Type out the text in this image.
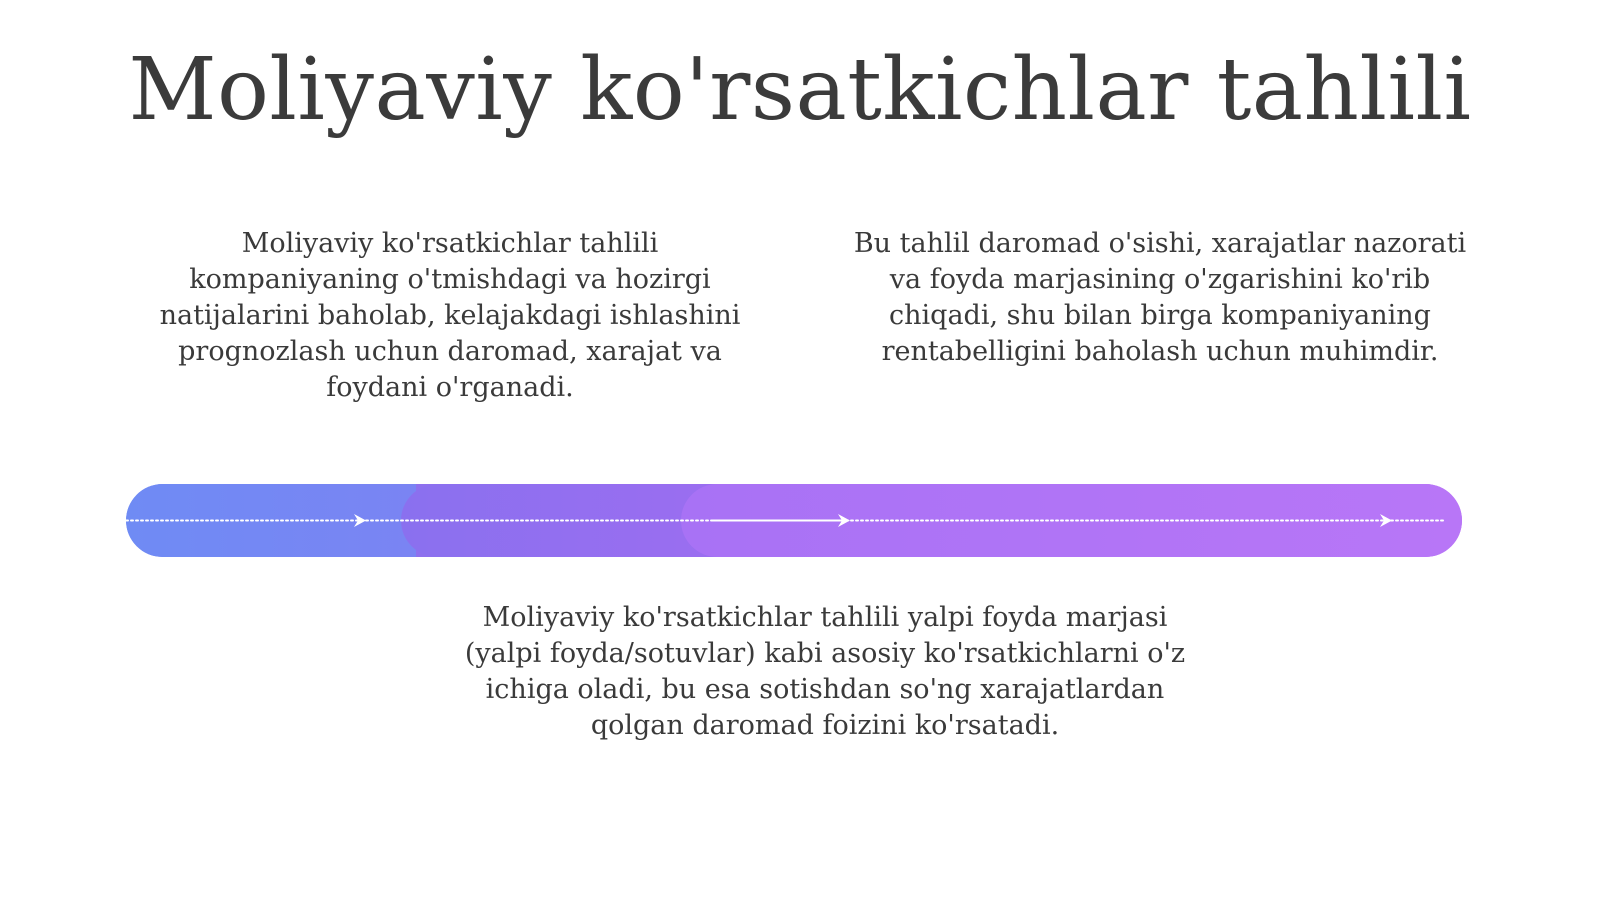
Moliyaviy ko'rsatkichlar tahlili

Moliyaviy ko'rsatkichlar tahlili kompaniyaning o'tmishdagi va hozirgi natijalarini baholab, kelajakdagi ishlashini prognozlash uchun daromad, xarajat va foydani o'rganadi.

Bu tahlil daromad o'sishi, xarajatlar nazorati va foyda marjasining o'zgarishini ko'rib chiqadi, shu bilan birga kompaniyaning rentabelligini baholash uchun muhimdir.

Moliyaviy ko'rsatkichlar tahlili yalpi foyda marjasi (yalpi foyda/sotuvlar) kabi asosiy ko'rsatkichlarni o'z ichiga oladi, bu esa sotishdan so'ng xarajatlardan qolgan daromad foizini ko'rsatadi.
